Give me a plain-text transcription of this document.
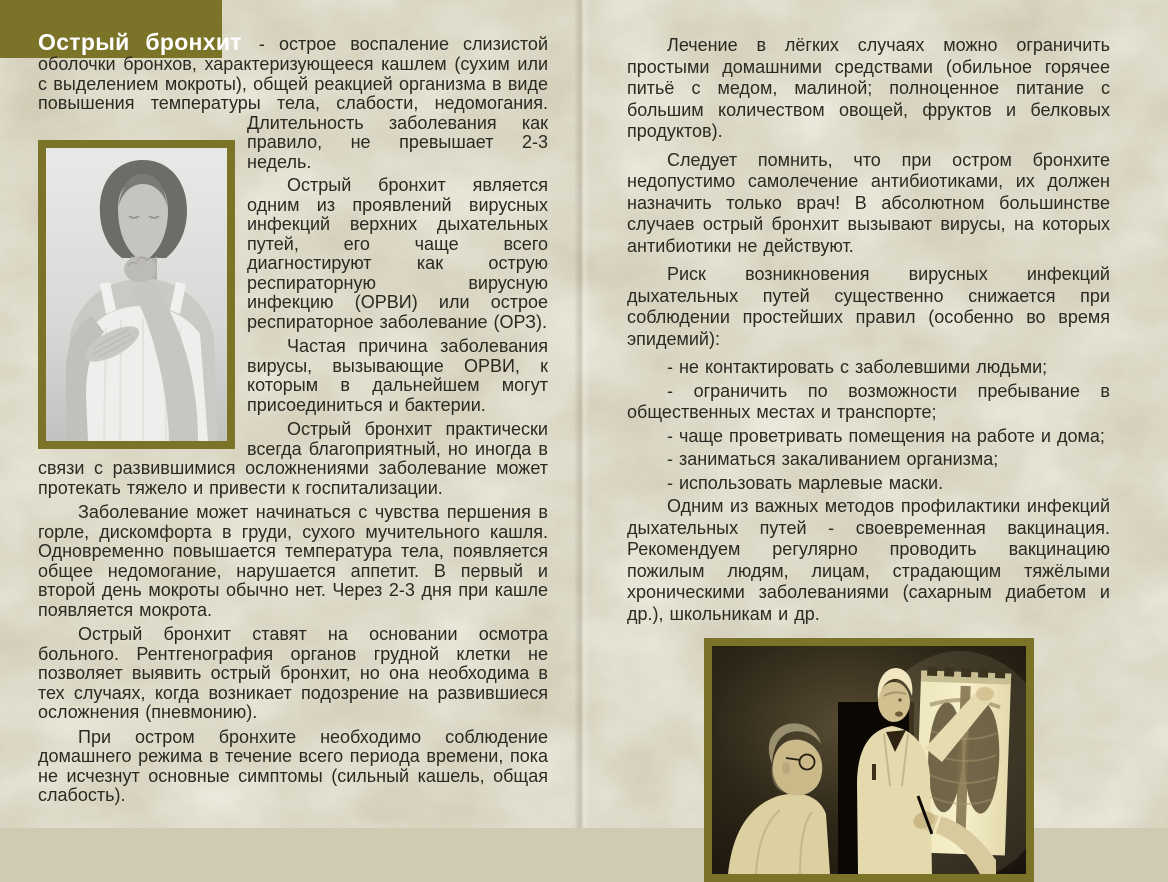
Острый бронхит - острое воспаление слизистой оболочки бронхов, характеризующееся кашлем (сухим или с выделением мокроты), общей реакцией организма в виде повышения температуры тела, слабости, недомогания. Длительность
заболевания как правило, не превышает 2-3 недель.

Острый бронхит является одним из проявлений вирусных инфекций верхних дыхательных путей, его чаще всего диагностируют как острую респираторную вирусную инфекцию (ОРВИ) или острое респираторное заболевание (ОРЗ).

Частая причина заболевания вирусы, вызывающие ОРВИ, к которым в дальнейшем могут присоединиться и бактерии.

Острый бронхит практически всегда благоприятный, но иногда в связи с развившимися осложнениями заболевание может протекать тяжело и привести к госпитализации.

Заболевание может начинаться с чувства першения в горле, дискомфорта в груди, сухого мучительного кашля. Одновременно повышается температура тела, появляется общее недомогание, нарушается аппетит. В первый и второй день мокроты обычно нет. Через 2-3 дня при кашле появляется мокрота.

Острый бронхит ставят на основании осмотра больного. Рентгенография органов грудной клетки не позволяет выявить острый бронхит, но она необходима в тех случаях, когда возникает подозрение на развившиеся осложнения (пневмонию).

При остром бронхите необходимо соблюдение домашнего режима в течение всего периода времени, пока не исчезнут основные симптомы (сильный кашель, общая слабость).

Лечение в лёгких случаях можно ограничить простыми домашними средствами (обильное горячее питьё с медом, малиной; полноценное питание с большим количеством овощей, фруктов и белковых продуктов).

Следует помнить, что при остром бронхите недопустимо самолечение антибиотиками, их должен назначить только врач! В абсолютном большинстве случаев острый бронхит вызывают вирусы, на которых антибиотики не действуют.

Риск возникновения вирусных инфекций дыхательных путей существенно снижается при соблюдении простейших правил (особенно во время эпидемий):

- не контактировать с заболевшими людьми;

- ограничить по возможности пребывание в общественных местах и транспорте;

- чаще проветривать помещения на работе и дома;

- заниматься закаливанием организма;

- использовать марлевые маски.

Одним из важных методов профилактики инфекций дыхательных путей - своевременная вакцинация. Рекомендуем регулярно проводить вакцинацию пожилым людям, лицам, страдающим тяжёлыми хроническими заболеваниями (сахарным диабетом и др.), школьникам и др.
